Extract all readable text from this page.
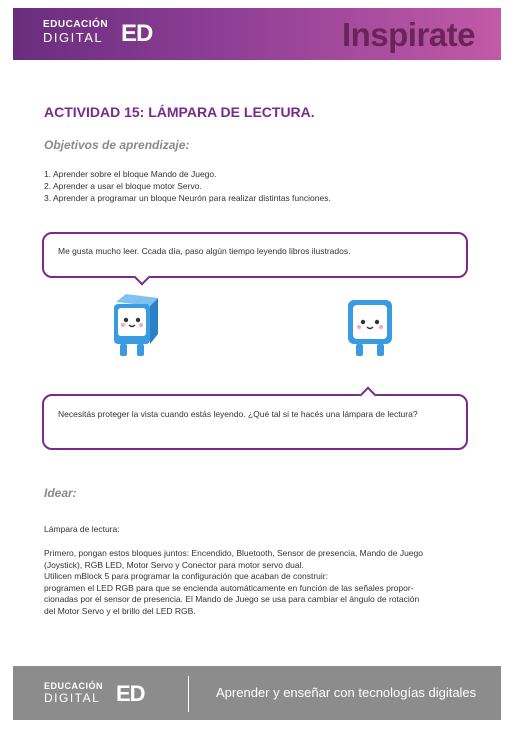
EDUCACIÓN
DIGITAL ED	Inspirate
ACTIVIDAD 15: LÁMPARA DE LECTURA.
Objetivos de aprendizaje:
1. Aprender sobre el bloque Mando de Juego.
2. Aprender a usar el bloque motor Servo.
3. Aprender a programar un bloque Neurón para realizar distintas funciones.
Me gusta mucho leer. Ccada día, paso algún tiempo leyendo libros ilustrados.
Necesitás proteger la vista cuando estás leyendo. ¿Qué tal si te hacés una lámpara de lectura?
Idear:

Lámpara de lectura:

Primero, pongan estos bloques juntos: Encendido, Bluetooth, Sensor de presencia, Mando de Juego
(Joystick), RGB LED, Motor Servo y Conector para motor servo dual.
Utilicen mBlock 5 para programar la configuración que acaban de construir:
programen el LED RGB para que se encienda automáticamente en función de las señales propor-
cionadas por el sensor de presencia. El Mando de Juego se usa para cambiar el ángulo de rotación
del Motor Servo y el brillo del LED RGB.
EDUCACIÓN
DIGITAL ED	Aprender y enseñar con tecnologías digitales
